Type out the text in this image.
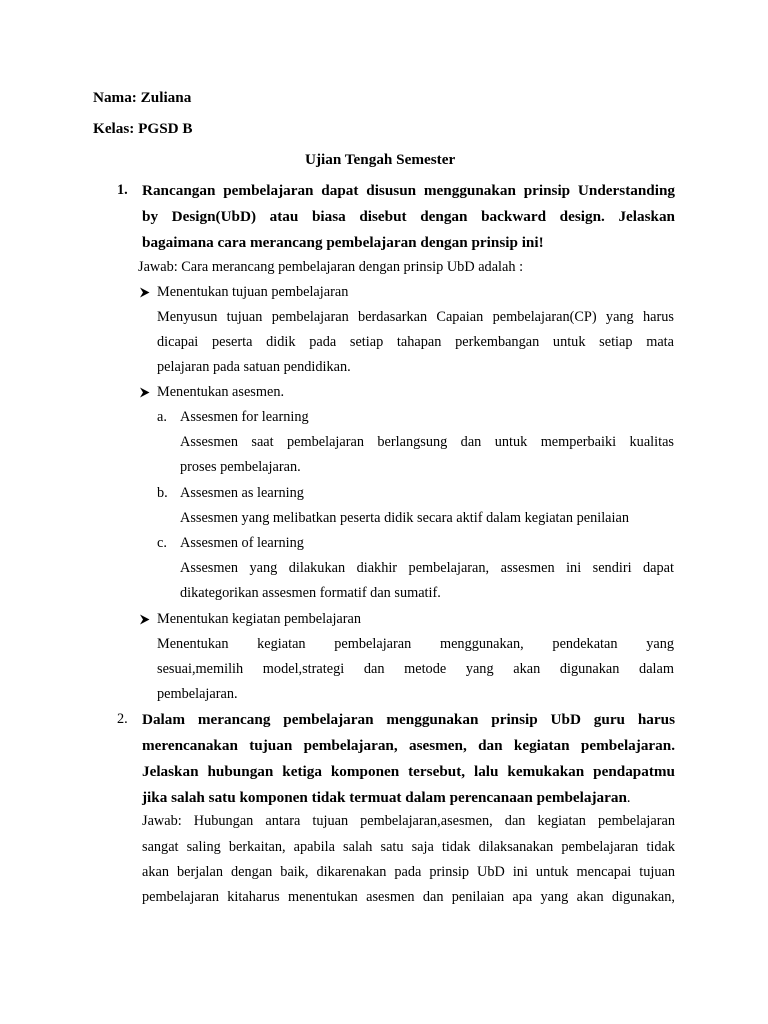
Nama: Zuliana
Kelas: PGSD B
Ujian Tengah Semester
1. Rancangan pembelajaran dapat disusun menggunakan prinsip Understanding
by Design(UbD) atau biasa disebut dengan backward design. Jelaskan
bagaimana cara merancang pembelajaran dengan prinsip ini!
Jawab: Cara merancang pembelajaran dengan prinsip UbD adalah :
Menentukan tujuan pembelajaran
Menyusun tujuan pembelajaran berdasarkan Capaian pembelajaran(CP) yang harus
dicapai peserta didik pada setiap tahapan perkembangan untuk setiap mata
pelajaran pada satuan pendidikan.
Menentukan asesmen.
a. Assesmen for learning
Assesmen saat pembelajaran berlangsung dan untuk memperbaiki kualitas
proses pembelajaran.
b. Assesmen as learning
Assesmen yang melibatkan peserta didik secara aktif dalam kegiatan penilaian
c. Assesmen of learning
Assesmen yang dilakukan diakhir pembelajaran, assesmen ini sendiri dapat
dikategorikan assesmen formatif dan sumatif.
Menentukan kegiatan pembelajaran
Menentukan kegiatan pembelajaran menggunakan, pendekatan yang
sesuai,memilih model,strategi dan metode yang akan digunakan dalam
pembelajaran.
2. Dalam merancang pembelajaran menggunakan prinsip UbD guru harus
merencanakan tujuan pembelajaran, asesmen, dan kegiatan pembelajaran.
Jelaskan hubungan ketiga komponen tersebut, lalu kemukakan pendapatmu
jika salah satu komponen tidak termuat dalam perencanaan pembelajaran.
Jawab: Hubungan antara tujuan pembelajaran,asesmen, dan kegiatan pembelajaran
sangat saling berkaitan, apabila salah satu saja tidak dilaksanakan pembelajaran tidak
akan berjalan dengan baik, dikarenakan pada prinsip UbD ini untuk mencapai tujuan
pembelajaran kitaharus menentukan asesmen dan penilaian apa yang akan digunakan,
